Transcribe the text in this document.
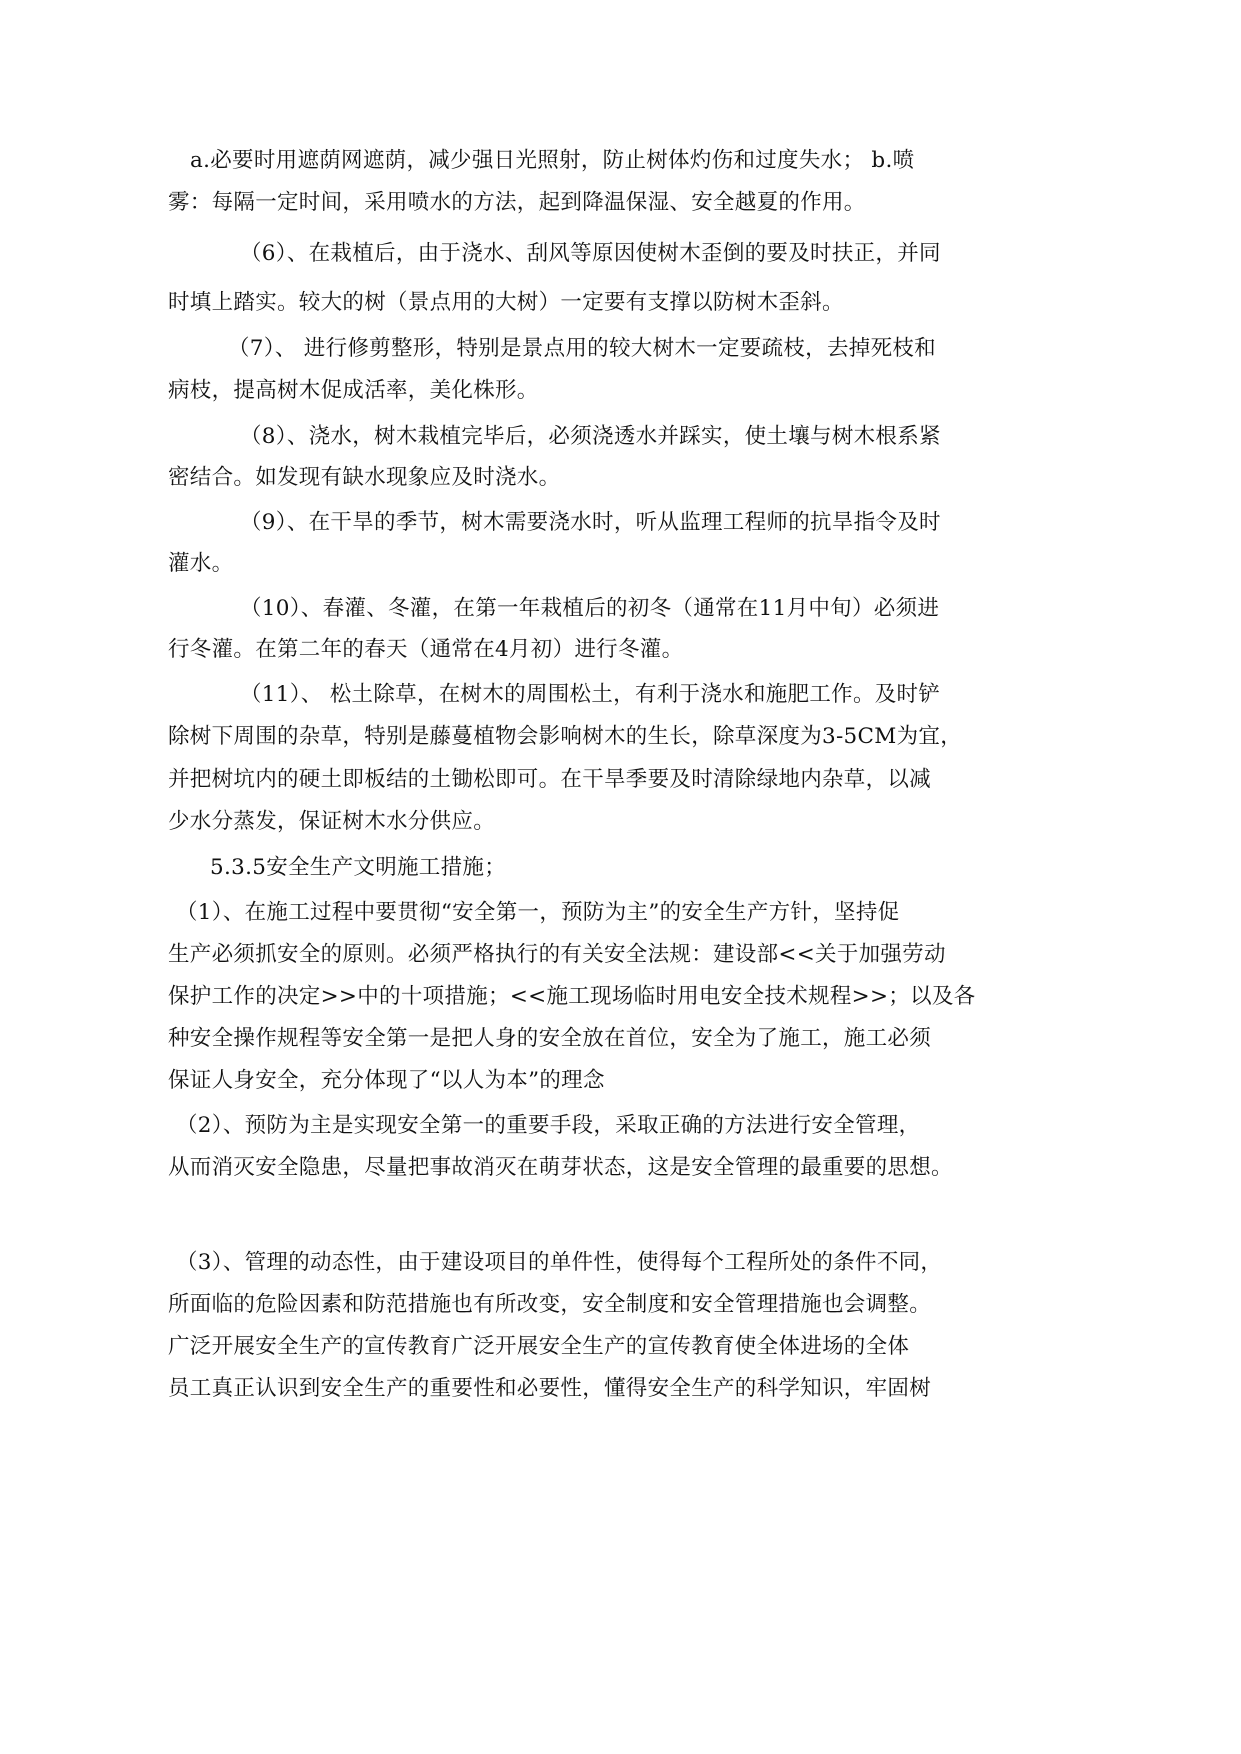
a.必要时用遮荫网遮荫，减少强日光照射，防止树体灼伤和过度失水； b.喷
雾：每隔一定时间，采用喷水的方法，起到降温保湿、安全越夏的作用。
（6）、在栽植后，由于浇水、刮风等原因使树木歪倒的要及时扶正，并同
时填上踏实。较大的树（景点用的大树）一定要有支撑以防树木歪斜。
（7）、 进行修剪整形，特别是景点用的较大树木一定要疏枝，去掉死枝和
病枝，提高树木促成活率，美化株形。
（8）、浇水，树木栽植完毕后，必须浇透水并踩实，使土壤与树木根系紧
密结合。如发现有缺水现象应及时浇水。
（9）、在干旱的季节，树木需要浇水时，听从监理工程师的抗旱指令及时
灌水。
（10）、春灌、冬灌，在第一年栽植后的初冬（通常在11月中旬）必须进
行冬灌。在第二年的春天（通常在4月初）进行冬灌。
（11）、 松土除草，在树木的周围松土，有利于浇水和施肥工作。及时铲
除树下周围的杂草，特别是藤蔓植物会影响树木的生长，除草深度为3-5CM为宜，
并把树坑内的硬土即板结的土锄松即可。在干旱季要及时清除绿地内杂草，以减
少水分蒸发，保证树木水分供应。
5.3.5安全生产文明施工措施；
（1）、在施工过程中要贯彻“安全第一，预防为主”的安全生产方针，坚持促
生产必须抓安全的原则。必须严格执行的有关安全法规：建设部<<关于加强劳动
保护工作的决定>>中的十项措施；<<施工现场临时用电安全技术规程>>；以及各
种安全操作规程等安全第一是把人身的安全放在首位，安全为了施工，施工必须
保证人身安全，充分体现了“以人为本”的理念
（2）、预防为主是实现安全第一的重要手段，采取正确的方法进行安全管理，
从而消灭安全隐患，尽量把事故消灭在萌芽状态，这是安全管理的最重要的思想。
（3）、管理的动态性，由于建设项目的单件性，使得每个工程所处的条件不同，
所面临的危险因素和防范措施也有所改变，安全制度和安全管理措施也会调整。
广泛开展安全生产的宣传教育广泛开展安全生产的宣传教育使全体进场的全体
员工真正认识到安全生产的重要性和必要性，懂得安全生产的科学知识，牢固树
